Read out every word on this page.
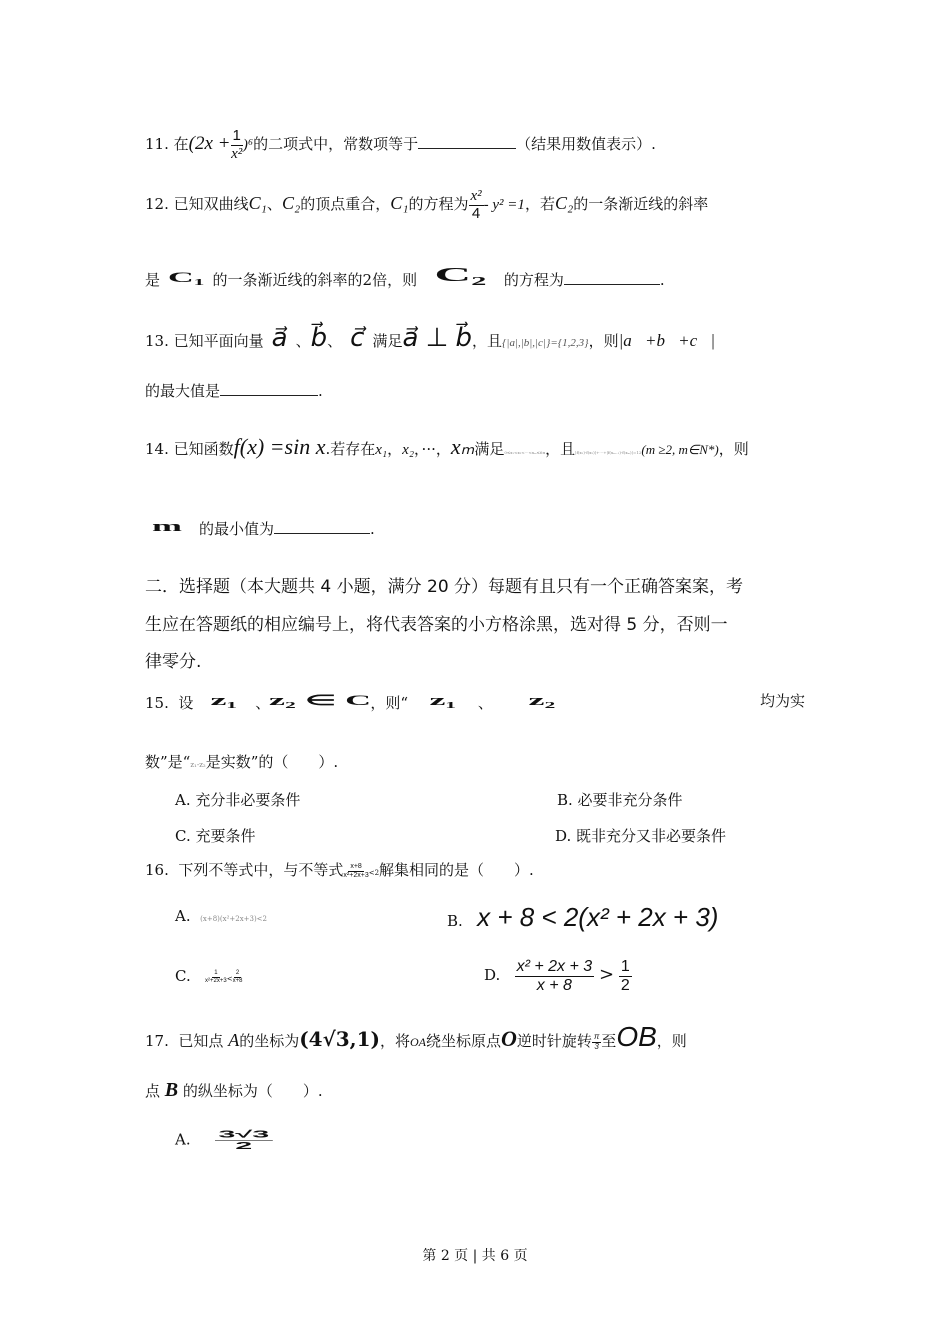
11. 在$(2x + \frac{1}{\text{x²}} )^6$的二项式中，常数项等于	（结果用数值表示）.
12. 已知双曲线C₁、C₂的顶点重合，C₁的方程为 $\frac{\text{x²}}{4} - y^2 =1$，若C₂的一条渐近线的斜率
是 C₁ 的一条渐近线的斜率的2倍，则 C₂ 的方程为	.
13. 已知平面向量 a⃗ 、b⃗、 c⃗ 满足a⃗ ⊥ b⃗，且{|a|,|b|,|c|}={1,2,3}，则|a⃗+b⃗+c⃗|
的最大值是	.
14. 已知函数f(x) =sin x.若存在x₁，x₂，···，xₘ满足0≤x₁<x₂<···<xₘ≤6π，且|f(x₁)-f(x₂)|+···+|f(xₘ₋₁)-f(xₘ)|=12(m ≥2, m∈N*)，则
m 的最小值为	.
二．选择题（本大题共 4 小题，满分 20 分）每题有且只有一个正确答案案，考
生应在答题纸的相应编号上，将代表答案的小方格涂黑，选对得 5 分，否则一
律零分.
15. 设 z₁ 、z₂ ∈ C，则“ z₁ 、 z₂	均为实
数”是“z₁-z₂是实数”的（　　）.
A. 充分非必要条件	B. 必要非充分条件
C. 充要条件	D. 既非充分又非必要条件
16. 下列不等式中，与不等式 $\frac{x+8}{\text{x²+2x+3}} <2$解集相同的是（　　）.
A. (x+8)(x²+2x+3)<2	B. x + 8 < 2(x² + 2x + 3)
C. $\frac{1}{\text{x²+2x+3}} < \frac{2}{x+8}$	D. $\frac{\text{x² + 2x + 3}}{x + 8} > \frac{1}{2}$
17. 已知点 A的坐标为(4√3,1)，将OA绕坐标原点O逆时针旋转 $\frac{\pi}{3}$ 至OB，则
点 B 的纵坐标为（　　）.
A. $\frac{3√3}{2}$
第 2 页 | 共 6 页
